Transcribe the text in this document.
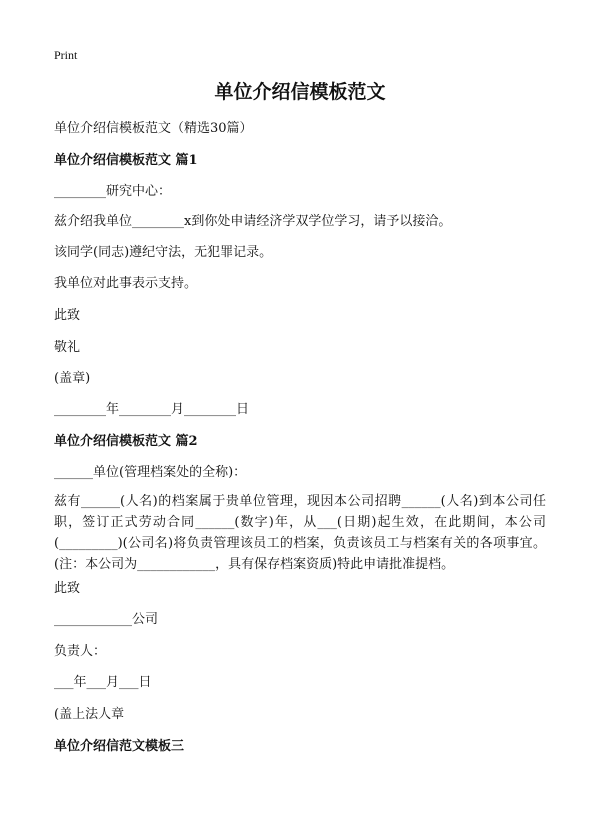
Print
单位介绍信模板范文
单位介绍信模板范文（精选30篇）
单位介绍信模板范文 篇1
________研究中心：
兹介绍我单位________x到你处申请经济学双学位学习，请予以接洽。
该同学(同志)遵纪守法，无犯罪记录。
我单位对此事表示支持。
此致
敬礼
(盖章)
________年________月________日
单位介绍信模板范文 篇2
______单位(管理档案处的全称)：
兹有______(人名)的档案属于贵单位管理，现因本公司招聘______(人名)到本公司任职，签订正式劳动合同______(数字)年，从___(日期)起生效，在此期间，本公司(_________)(公司名)将负责管理该员工的档案，负责该员工与档案有关的各项事宜。(注：本公司为____________，具有保存档案资质)特此申请批准提档。
此致
____________公司
负责人：
___年___月___日
(盖上法人章
单位介绍信范文模板三
